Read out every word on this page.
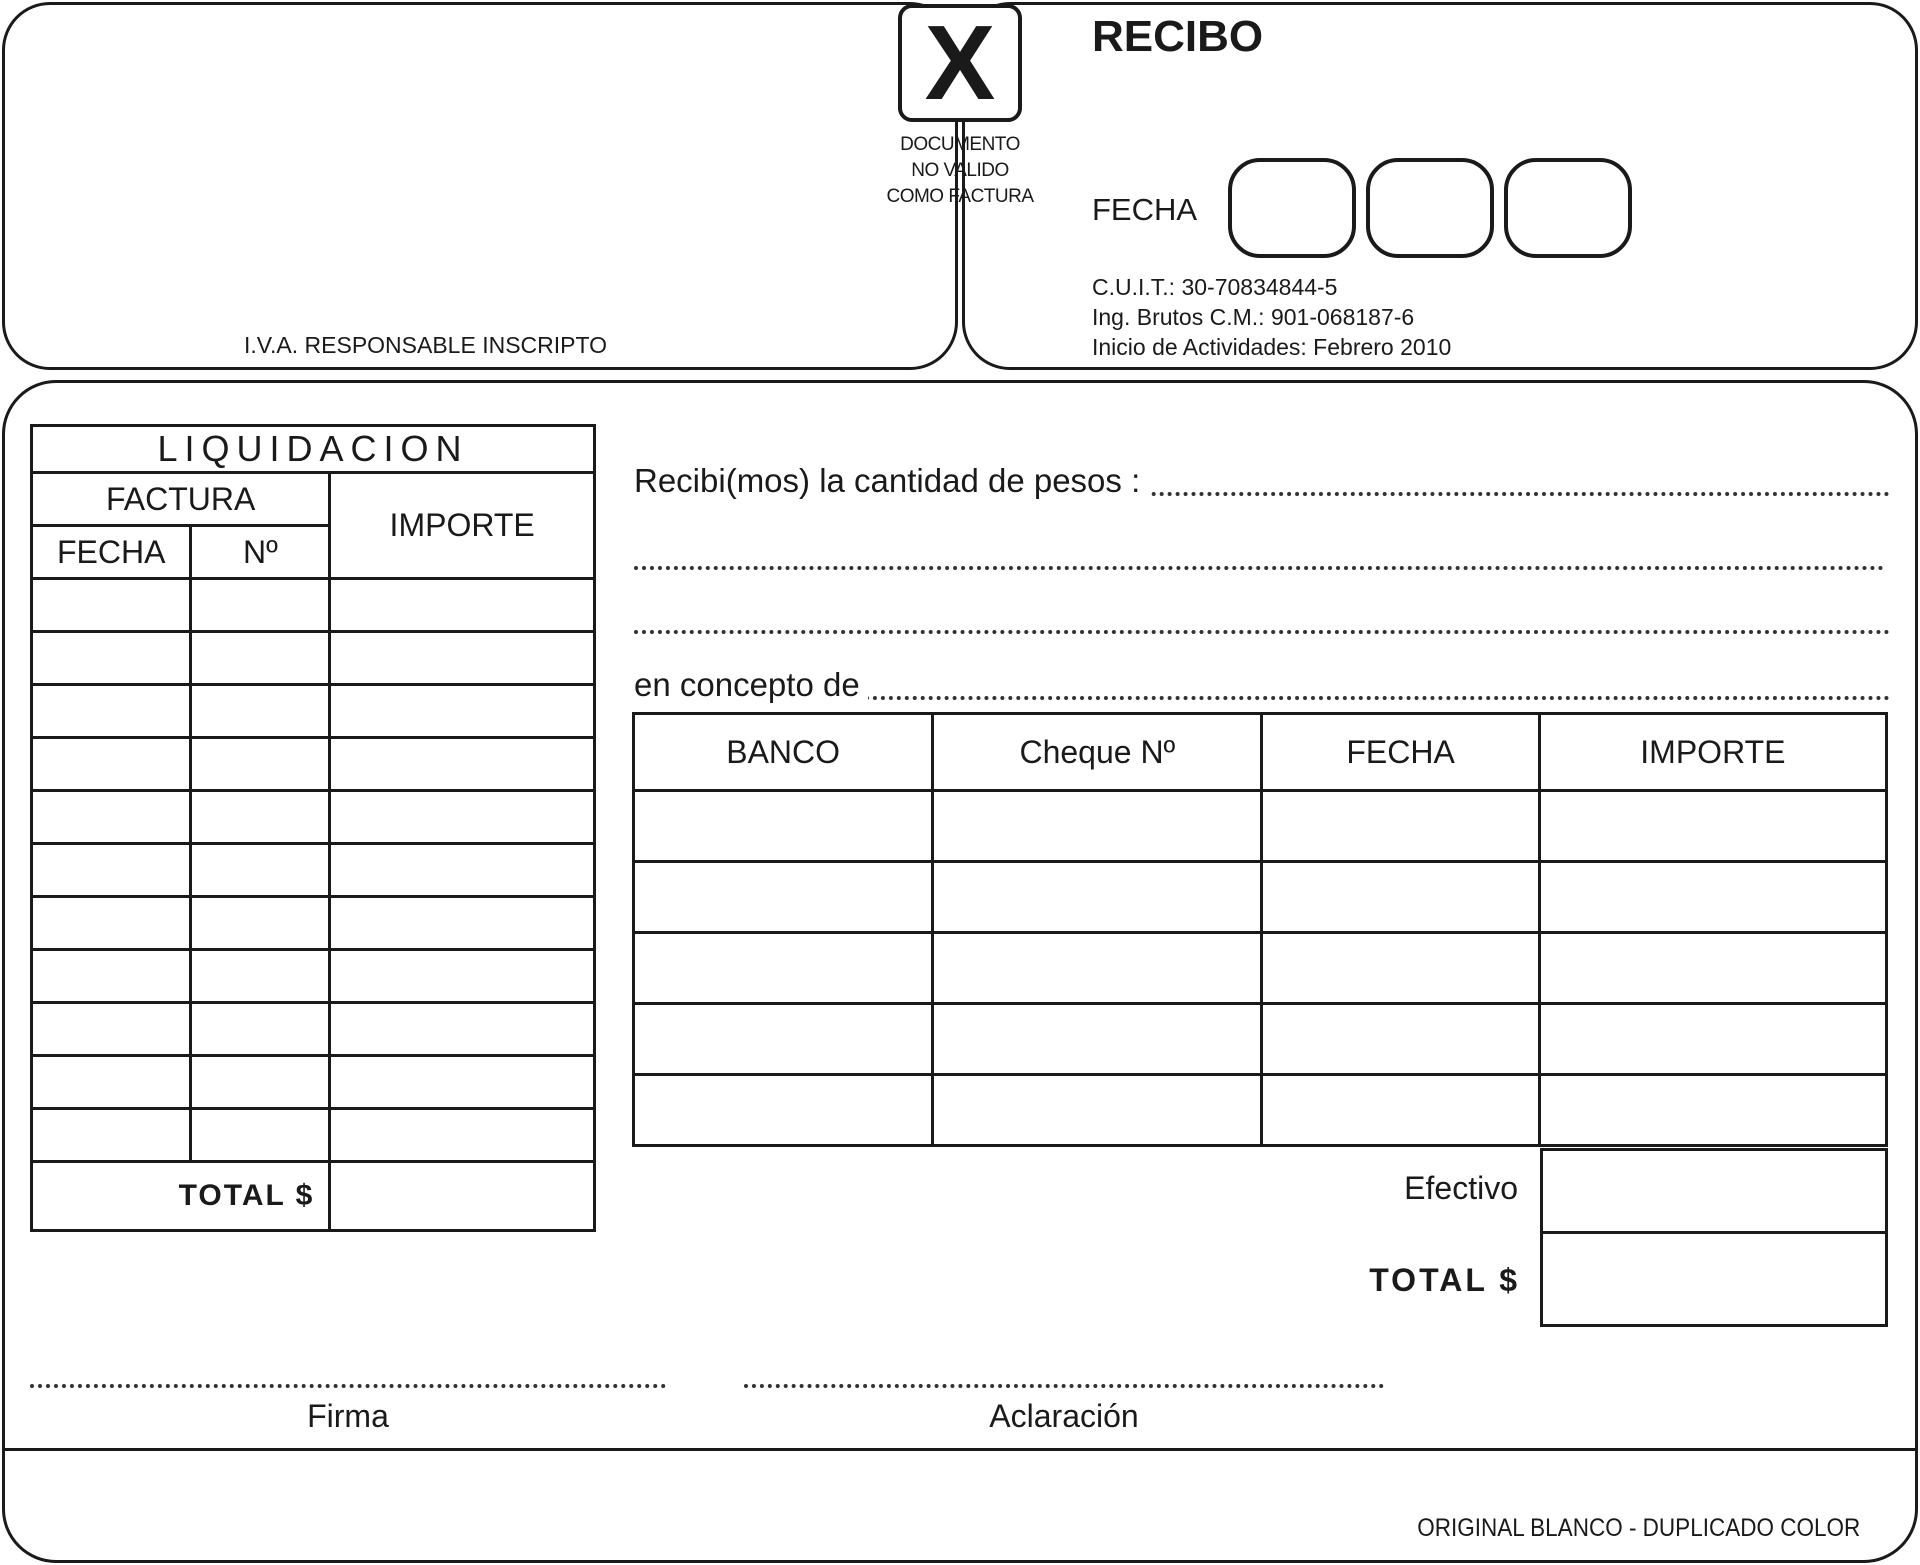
X
DOCUMENTO
NO VALIDO
COMO FACTURA
RECIBO
FECHA
C.U.I.T.: 30-70834844-5
Ing. Brutos C.M.: 901-068187-6
Inicio de Actividades: Febrero 2010
I.V.A. RESPONSABLE INSCRIPTO
LIQUIDACION		
FACTURA		IMPORTE
FECHA	Nº	

TOTAL $		
Recibi(mos) la cantidad de pesos :
en concepto de
BANCO	Cheque Nº	FECHA	IMPORTE

Efectivo
TOTAL $
Firma	Aclaración
ORIGINAL BLANCO - DUPLICADO COLOR
